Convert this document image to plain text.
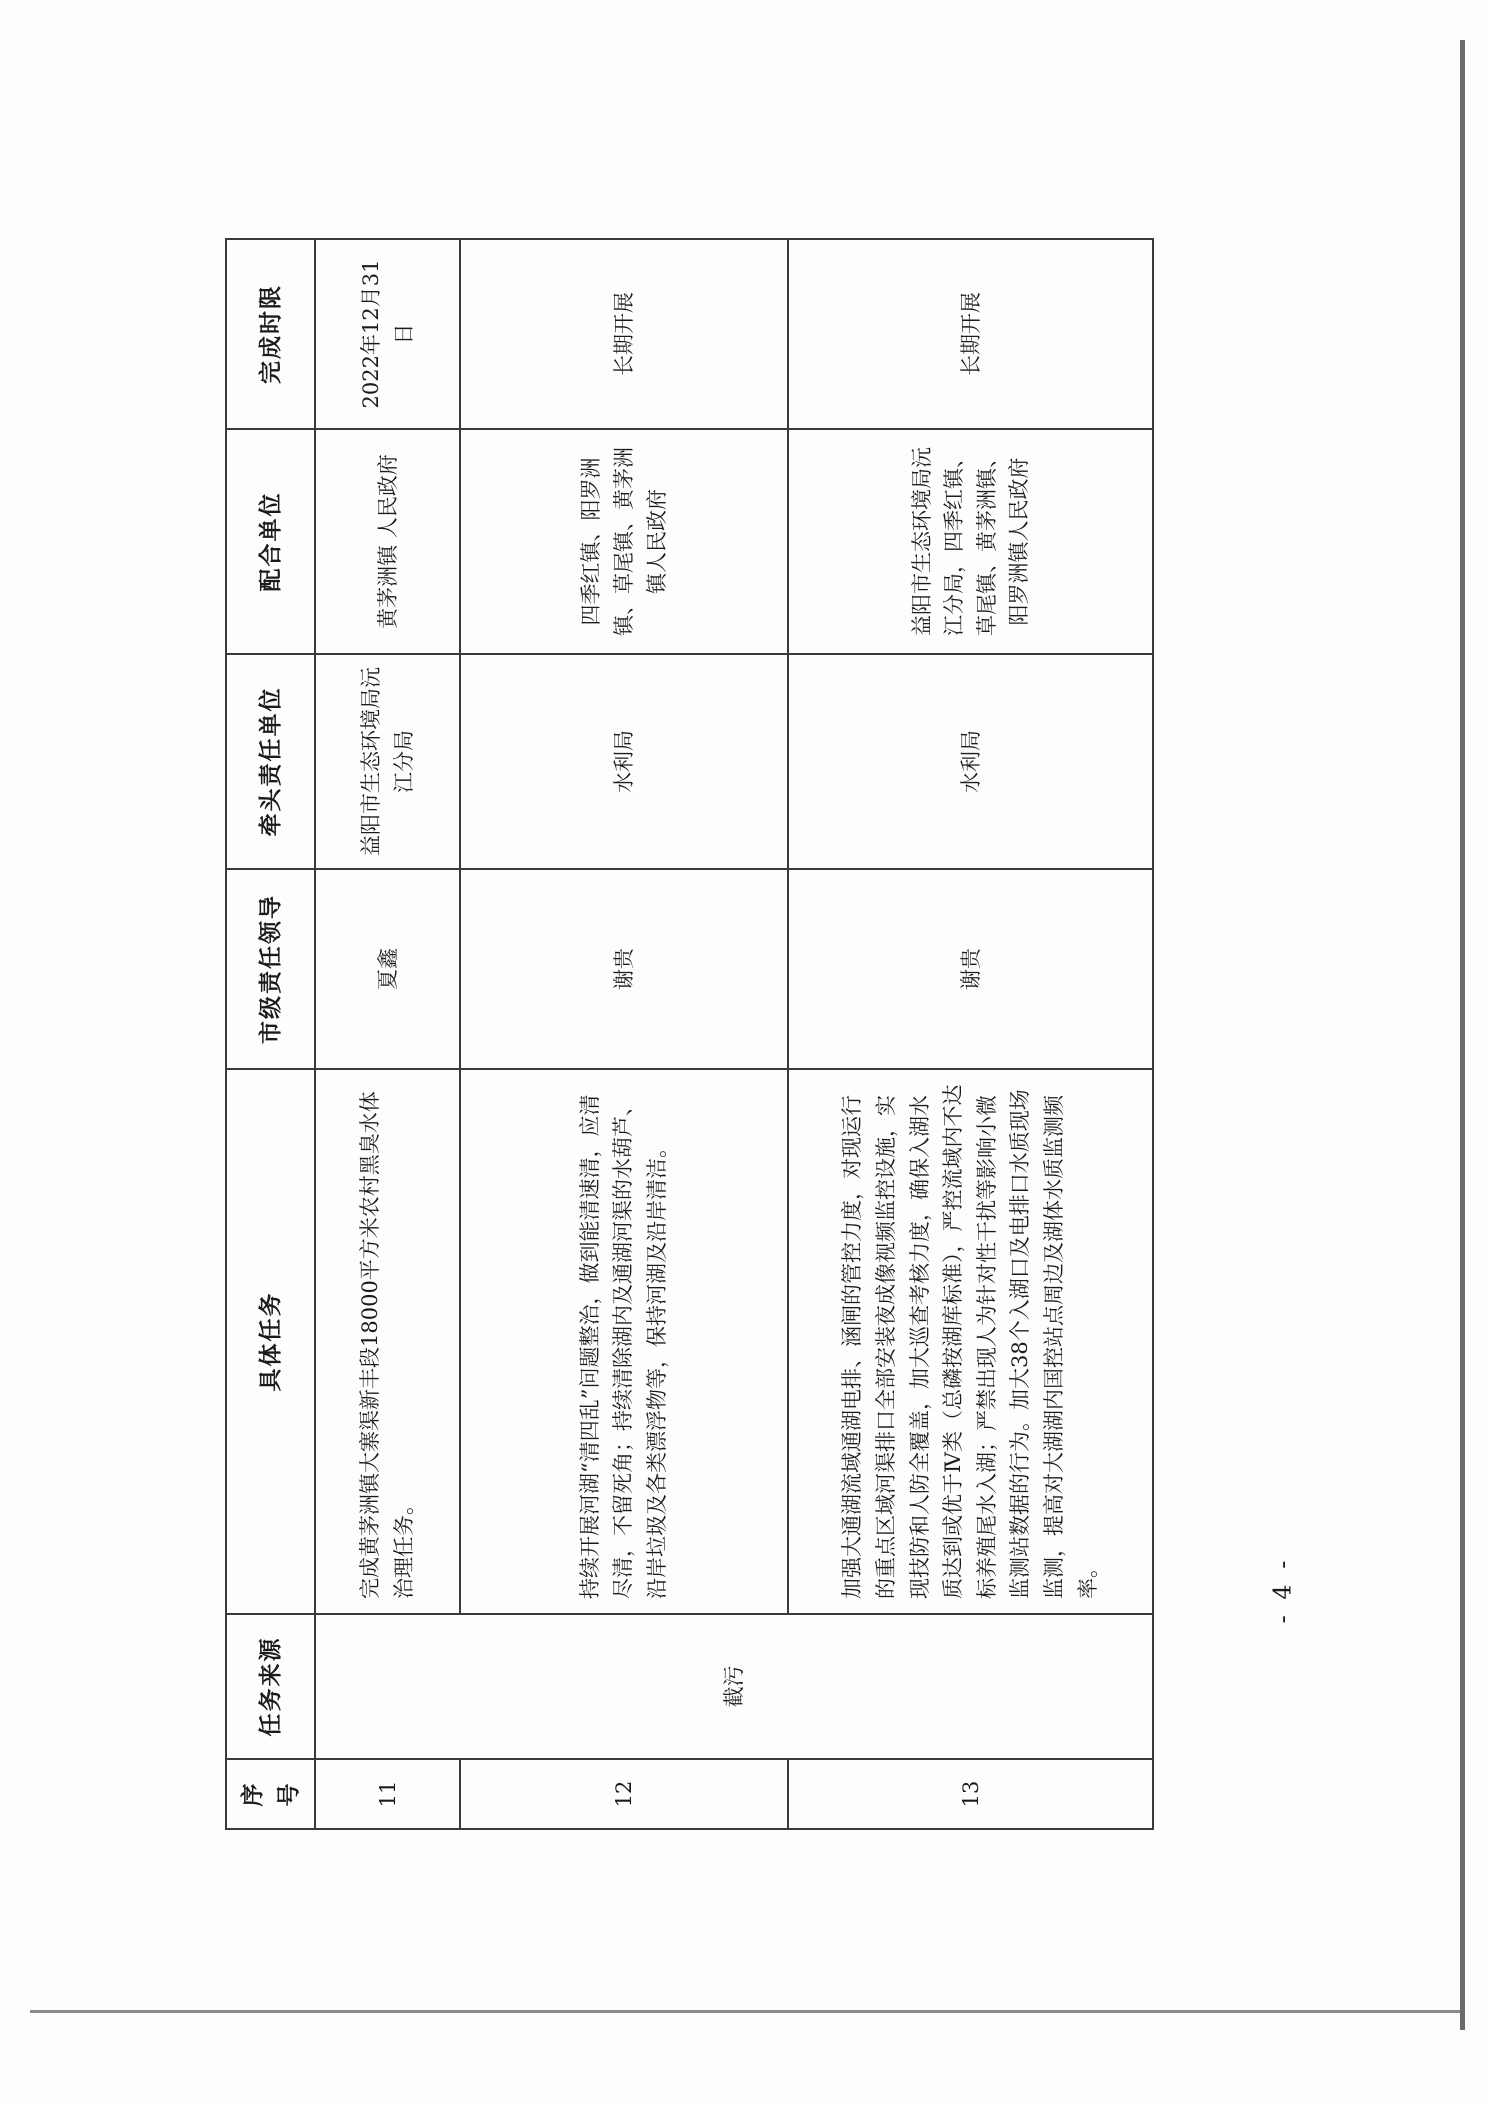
序号	任务来源	具体任务	市级责任领导	牵头责任单位	配合单位	完成时限
11	截污	完成黄茅洲镇大寨渠新丰段18000平方米农村黑臭水体治理任务。	夏鑫	益阳市生态环境局沅江分局	黄茅洲镇 人民政府	2022年12月31日
12		持续开展河湖“清四乱”问题整治，做到能清速清，应清尽清，不留死角；持续清除湖内及通湖河渠的水葫芦、沿岸垃圾及各类漂浮物等，保持河湖及沿岸清洁。	谢贵	水利局	四季红镇、阳罗洲镇、草尾镇、黄茅洲镇人民政府	长期开展
13		加强大通湖流域通湖电排、涵闸的管控力度，对现运行的重点区域河渠排口全部安装夜成像视频监控设施，实现技防和人防全覆盖，加大巡查考核力度，确保入湖水质达到或优于Ⅳ类（总磷按湖库标准），严控流域内不达标养殖尾水入湖；严禁出现人为针对性干扰等影响小微监测站数据的行为。加大38个入湖口及电排口水质现场监测，提高对大湖湖内国控站点周边及湖体水质监测频率。	谢贵	水利局	益阳市生态环境局沅江分局，四季红镇、草尾镇、黄茅洲镇、阳罗洲镇人民政府	长期开展
- 4 -
